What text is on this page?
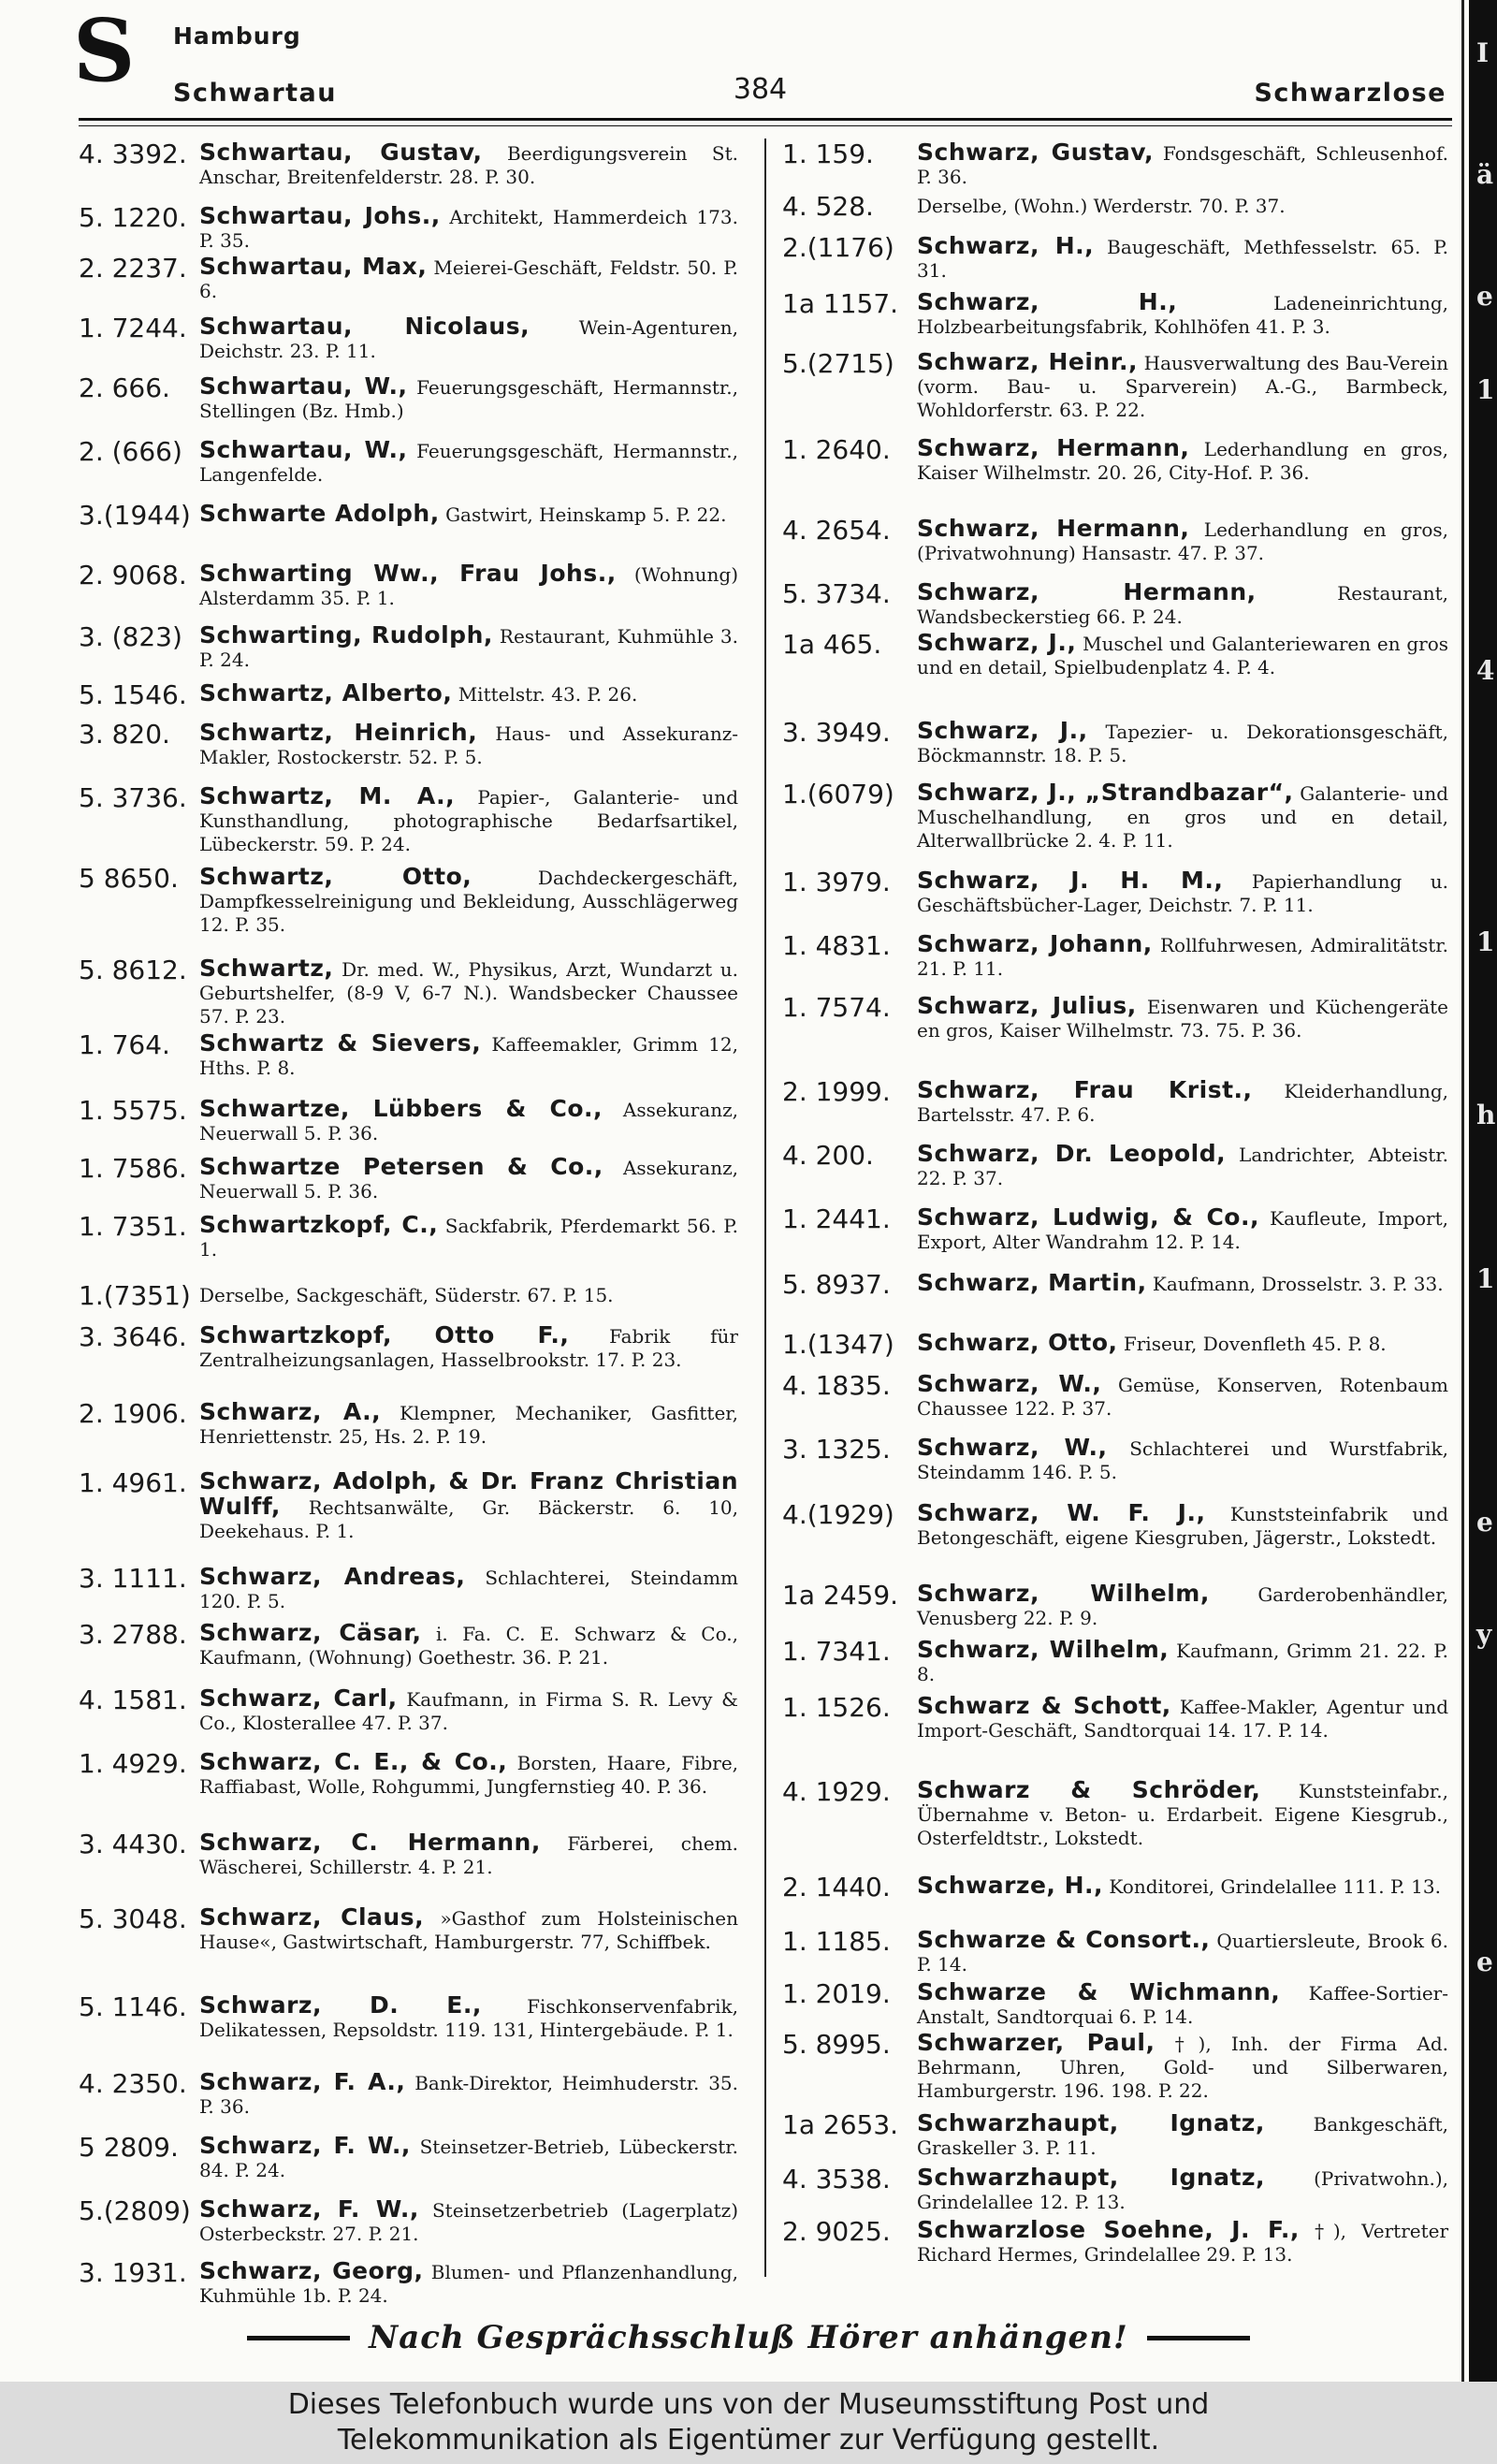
I
ä
e
1
4
1
h
1
e
y
e
S Hamburg
Schwartau	384	Schwarzlose
4. 3392. Schwartau, Gustav, Beerdigungsverein St. Anschar, Breitenfelderstr. 28. P. 30.
5. 1220. Schwartau, Johs., Architekt, Hammerdeich 173. P. 35.
2. 2237. Schwartau, Max, Meierei-Geschäft, Feldstr. 50. P. 6.
1. 7244. Schwartau, Nicolaus,	Wein-Agenturen, Deichstr. 23. P. 11.
2. 666.	Schwartau, W., Feuerungsgeschäft, Hermannstr., Stellingen (Bz. Hmb.)
2. (666) Schwartau, W., Feuerungsgeschäft, Hermannstr., Langenfelde.
3.(1944) Schwarte Adolph, Gastwirt, Heinskamp 5. P. 22.
2. 9068. Schwarting Ww., Frau Johs., (Wohnung) Alsterdamm 35. P. 1.
3. (823) Schwarting, Rudolph, Restaurant, Kuhmühle 3. P. 24.
5. 1546. Schwartz, Alberto, Mittelstr. 43. P. 26.
3. 820.	Schwartz, Heinrich, Haus- und Assekuranz-Makler, Rostockerstr. 52. P. 5.
5. 3736. Schwartz, M. A., Papier-, Galanterie- und Kunsthandlung, photographische Bedarfsartikel, Lübeckerstr. 59. P. 24.
5 8650. Schwartz, Otto,	Dachdeckergeschäft, Dampfkesselreinigung und Bekleidung, Ausschlägerweg 12. P. 35.
5. 8612. Schwartz, Dr. med. W., Physikus, Arzt, Wundarzt u. Geburtshelfer, (8-9 V, 6-7 N.). Wandsbecker Chaussee 57. P. 23.
1. 764.	Schwartz & Sievers, Kaffeemakler, Grimm 12, Hths. P. 8.
1. 5575. Schwartze, Lübbers & Co., Assekuranz, Neuerwall 5. P. 36.
1. 7586. Schwartze Petersen & Co., Assekuranz, Neuerwall 5. P. 36.
1. 7351. Schwartzkopf, C., Sackfabrik, Pferdemarkt 56. P. 1.
1.(7351) Derselbe, Sackgeschäft, Süderstr. 67. P. 15.
3. 3646. Schwartzkopf, Otto F., Fabrik für Zentralheizungsanlagen, Hasselbrookstr. 17. P. 23.
2. 1906. Schwarz, A., Klempner, Mechaniker, Gasfitter, Henriettenstr. 25, Hs. 2. P. 19.
1. 4961. Schwarz, Adolph, & Dr. Franz Christian Wulff, Rechtsanwälte, Gr. Bäckerstr. 6. 10, Deekehaus. P. 1.
3. 1111. Schwarz, Andreas, Schlachterei, Steindamm 120. P. 5.
3. 2788. Schwarz, Cäsar, i. Fa. C. E. Schwarz & Co., Kaufmann, (Wohnung) Goethestr. 36. P. 21.
4. 1581. Schwarz, Carl, Kaufmann, in Firma S. R. Levy & Co., Klosterallee 47. P. 37.
1. 4929. Schwarz, C. E., & Co., Borsten, Haare, Fibre, Raffiabast, Wolle, Rohgummi, Jungfernstieg 40. P. 36.
3. 4430. Schwarz, C. Hermann, Färberei, chem. Wäscherei, Schillerstr. 4. P. 21.
5. 3048. Schwarz, Claus, »Gasthof zum Holsteinischen Hause«, Gastwirtschaft, Hamburgerstr. 77, Schiffbek.
5. 1146. Schwarz, D. E., Fischkonservenfabrik, Delikatessen, Repsoldstr. 119. 131, Hintergebäude. P. 1.
4. 2350. Schwarz, F. A., Bank-Direktor, Heimhuderstr. 35. P. 36.
5 2809. Schwarz, F. W., Steinsetzer-Betrieb, Lübeckerstr. 84. P. 24.
5.(2809) Schwarz, F. W., Steinsetzerbetrieb (Lagerplatz) Osterbeckstr. 27. P. 21.
3. 1931. Schwarz, Georg, Blumen- und Pflanzenhandlung, Kuhmühle 1b. P. 24.
1. 159.	Schwarz, Gustav, Fondsgeschäft, Schleusenhof. P. 36.
4. 528.	Derselbe, (Wohn.) Werderstr. 70. P. 37.
2.(1176) Schwarz, H., Baugeschäft, Methfesselstr. 65. P. 31.
1a 1157. Schwarz, H.,	Ladeneinrichtung, Holzbearbeitungsfabrik, Kohlhöfen 41. P. 3.
5.(2715) Schwarz, Heinr., Hausverwaltung des Bau-Verein (vorm. Bau- u. Sparverein) A.-G., Barmbeck, Wohldorferstr. 63. P. 22.
1. 2640.	Schwarz, Hermann, Lederhandlung en gros, Kaiser Wilhelmstr. 20. 26, City-Hof. P. 36.
4. 2654.	Schwarz, Hermann, Lederhandlung en gros, (Privatwohnung) Hansastr. 47. P. 37.
5. 3734.	Schwarz, Hermann,	Restaurant, Wandsbeckerstieg 66. P. 24.
1a 465.	Schwarz, J., Muschel und Galanteriewaren en gros und en detail, Spielbudenplatz 4. P. 4.
3. 3949.	Schwarz, J., Tapezier- u. Dekorationsgeschäft, Böckmannstr. 18. P. 5.
1.(6079) Schwarz, J., „Strandbazar“, Galanterie- und Muschelhandlung, en gros und en detail, Alterwallbrücke 2. 4. P. 11.
1. 3979.	Schwarz, J. H. M., Papierhandlung u. Geschäftsbücher-Lager, Deichstr. 7. P. 11.
1. 4831.	Schwarz, Johann, Rollfuhrwesen, Admiralitätstr. 21. P. 11.
1. 7574.	Schwarz, Julius, Eisenwaren und Küchengeräte en gros, Kaiser Wilhelmstr. 73. 75. P. 36.
2. 1999.	Schwarz, Frau Krist., Kleiderhandlung, Bartelsstr. 47. P. 6.
4. 200.	Schwarz, Dr. Leopold, Landrichter, Abteistr. 22. P. 37.
1. 2441.	Schwarz, Ludwig, & Co., Kaufleute, Import, Export, Alter Wandrahm 12. P. 14.
5. 8937.	Schwarz, Martin, Kaufmann, Drosselstr. 3. P. 33.
1.(1347) Schwarz, Otto, Friseur, Dovenfleth 45. P. 8.
4. 1835.	Schwarz, W., Gemüse, Konserven, Rotenbaum Chaussee 122. P. 37.
3. 1325.	Schwarz, W., Schlachterei und Wurstfabrik, Steindamm 146. P. 5.
4.(1929) Schwarz, W. F. J., Kunststeinfabrik und Betongeschäft, eigene Kiesgruben, Jägerstr., Lokstedt.
1a 2459. Schwarz, Wilhelm,	Garderobenhändler, Venusberg 22. P. 9.
1. 7341.	Schwarz, Wilhelm, Kaufmann, Grimm 21. 22. P. 8.
1. 1526.	Schwarz & Schott, Kaffee-Makler, Agentur und Import-Geschäft, Sandtorquai 14. 17. P. 14.
4. 1929.	Schwarz & Schröder, Kunststeinfabr., Übernahme v. Beton- u. Erdarbeit. Eigene Kiesgrub., Osterfeldtstr., Lokstedt.
2. 1440.	Schwarze, H., Konditorei, Grindelallee 111. P. 13.
1. 1185.	Schwarze & Consort., Quartiersleute, Brook 6. P. 14.
1. 2019.	Schwarze & Wichmann, Kaffee-Sortier-Anstalt, Sandtorquai 6. P. 14.
5. 8995.	Schwarzer, Paul, †), Inh. der Firma Ad. Behrmann, Uhren, Gold- und Silberwaren, Hamburgerstr. 196. 198. P. 22.
1a 2653. Schwarzhaupt, Ignatz,	Bankgeschäft, Graskeller 3. P. 11.
4. 3538.	Schwarzhaupt, Ignatz,	(Privatwohn.), Grindelallee 12. P. 13.
2. 9025.	Schwarzlose Soehne, J. F., †), Vertreter Richard Hermes, Grindelallee 29. P. 13.
Nach Gesprächsschluß Hörer anhängen!
Dieses Telefonbuch wurde uns von der Museumsstiftung Post und
Telekommunikation als Eigentümer zur Verfügung gestellt.
